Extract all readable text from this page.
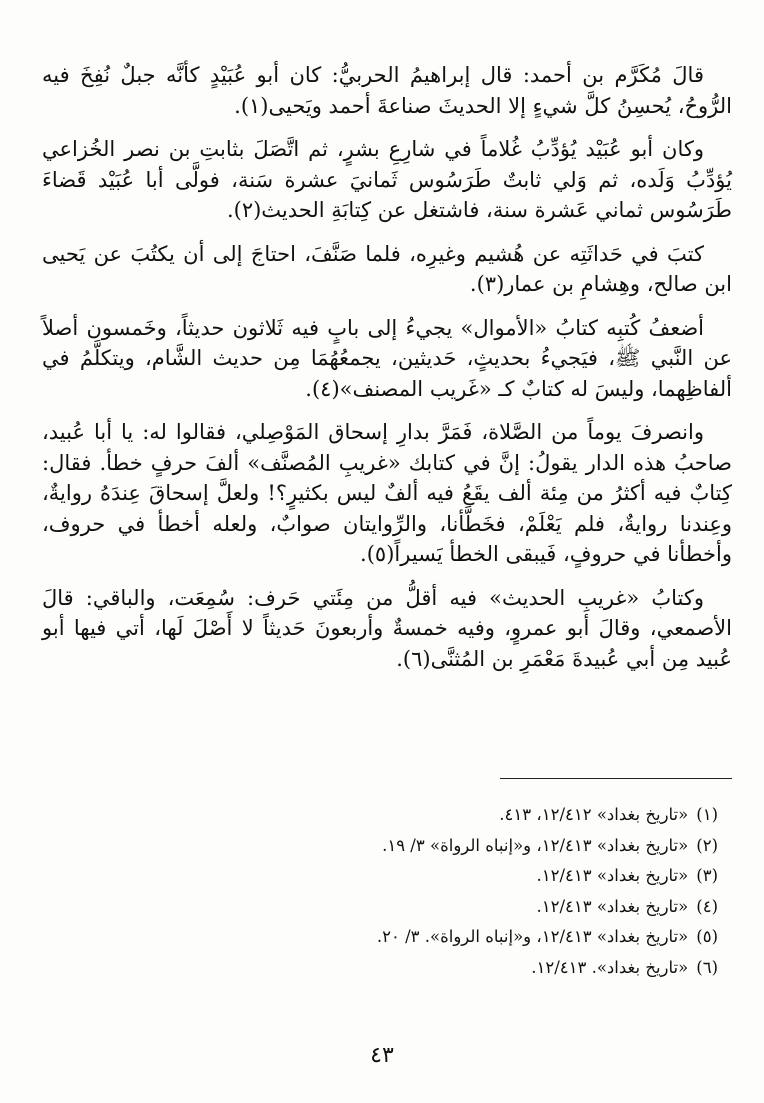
قالَ مُكَرَّم بن أحمد: قال إبراهيمُ الحربيُّ: كان أبو عُبَيْدٍ كأنَّه جبلٌ نُفِخَ فيه الرُّوحُ، يُحسِنُ كلَّ شيءٍ إلا الحديثَ صناعةَ أحمد ويَحيى(١).

وكان أبو عُبَيْد يُؤدِّبُ غُلاماً في شارِعِ بشرٍ، ثم اتَّصَلَ بثابتِ بن نصر الخُزاعي يُؤدِّبُ وَلَده، ثم وَلي ثابتٌ طَرَسُوس ثَمانيَ عشرة سَنة، فولَّى أبا عُبَيْد قَضاءَ طَرَسُوس ثماني عَشرة سنة، فاشتغل عن كِتابَةِ الحديث(٢).

كتبَ في حَداثَتِه عن هُشيم وغيرِه، فلما صَنَّفَ، احتاجَ إلى أن يكتُبَ عن يَحيى ابن صالح، وهِشامِ بن عمار(٣).

أضعفُ كُتبِه كتابُ «الأموال» يجيءُ إلى بابٍ فيه ثَلاثون حديثاً، وخَمسون أصلاً عن النَّبي ﷺ، فيَجيءُ بحديثٍ، حَديثين، يجمعُهُمَا مِن حديث الشَّام، ويتكلَّمُ في ألفاظِهما، وليسَ له كتابٌ كـ «غَريب المصنف»(٤).

وانصرفَ يوماً من الصَّلاة، فَمَرَّ بدارِ إسحاق المَوْصِلي، فقالوا له: يا أبا عُبيد، صاحبُ هذه الدار يقولُ: إنَّ في كتابك «غريبِ المُصنَّف» ألفَ حرفٍ خطأ. فقال: كِتابٌ فيه أكثرُ من مِئة ألف يقَعُ فيه ألفٌ ليس بكثيرٍ؟! ولعلَّ إسحاقَ عِندَهُ روايةٌ، وعِندنا روايةٌ، فلم يَعْلَمْ، فخَطَّأنا، والرِّوايتان صوابٌ، ولعله أخطأ في حروف، وأخطأنا في حروفٍ، فَيبقى الخطأ يَسيراً(٥).

وكتابُ «غريبِ الحديث» فيه أقلُّ من مِئَتي حَرف: سُمِعَت، والباقي: قالَ الأصمعي، وقالَ أبو عمروٍ، وفيه خمسةٌ وأربعونَ حَديثاً لا أَصْلَ لَها، أتي فيها أبو عُبيد مِن أبي عُبيدةَ مَعْمَرِ بن المُثنَّى(٦).

(١)«تاريخ بغداد» ١٢/٤١٢، ٤١٣.

(٢)«تاريخ بغداد» ١٢/٤١٣، و«إنباه الرواة» ٣/ ١٩.

(٣)«تاريخ بغداد» ١٢/٤١٣.

(٤)«تاريخ بغداد» ١٢/٤١٣.

(٥)«تاريخ بغداد» ١٢/٤١٣، و«إنباه الرواة». ٣/ ٢٠.

(٦)«تاريخ بغداد». ١٢/٤١٣.

٤٣
